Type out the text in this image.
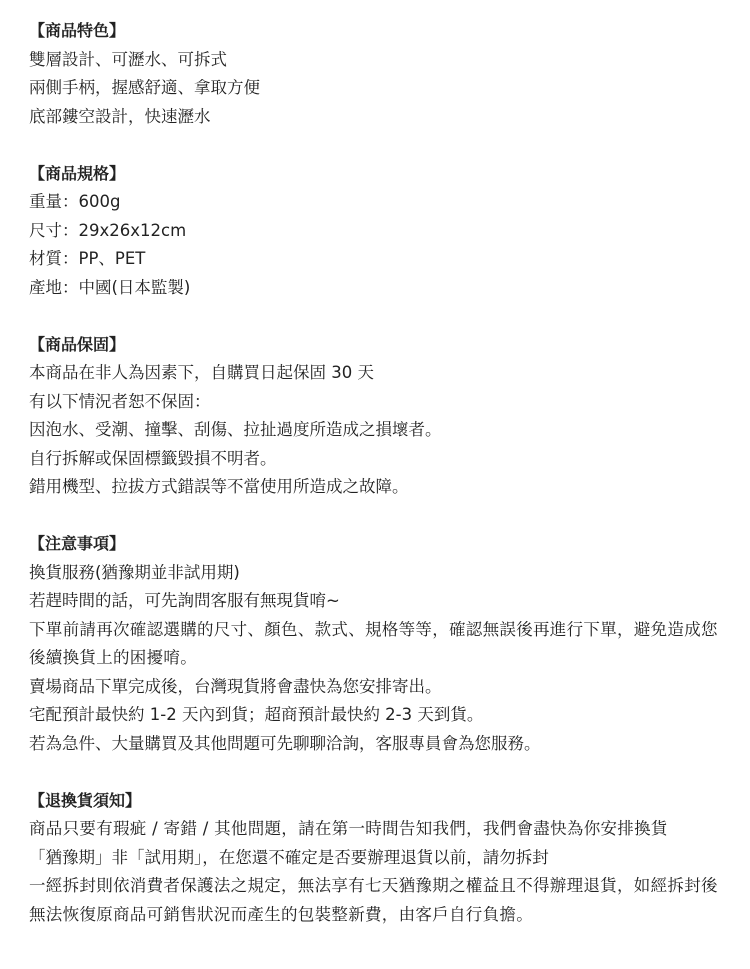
【商品特色】

雙層設計、可瀝水、可拆式

兩側手柄，握感舒適、拿取方便

底部鏤空設計，快速瀝水

【商品規格】

重量：600g

尺寸：29x26x12cm

材質：PP、PET

產地：中國(日本監製)

【商品保固】

本商品在非人為因素下，自購買日起保固 30 天

有以下情況者恕不保固：

因泡水、受潮、撞擊、刮傷、拉扯過度所造成之損壞者。

自行拆解或保固標籤毀損不明者。

錯用機型、拉拔方式錯誤等不當使用所造成之故障。

【注意事項】

換貨服務(猶豫期並非試用期)

若趕時間的話，可先詢問客服有無現貨唷~

下單前請再次確認選購的尺寸、顏色、款式、規格等等，確認無誤後再進行下單，避免造成您後續換貨上的困擾唷。

賣場商品下單完成後，台灣現貨將會盡快為您安排寄出。

宅配預計最快約 1-2 天內到貨；超商預計最快約 2-3 天到貨。

若為急件、大量購買及其他問題可先聊聊洽詢，客服專員會為您服務。

【退換貨須知】

商品只要有瑕疵 / 寄錯 / 其他問題，請在第一時間告知我們，我們會盡快為你安排換貨

「猶豫期」非「試用期」，在您還不確定是否要辦理退貨以前，請勿拆封

一經拆封則依消費者保護法之規定，無法享有七天猶豫期之權益且不得辦理退貨，如經拆封後無法恢復原商品可銷售狀況而產生的包裝整新費，由客戶自行負擔。
